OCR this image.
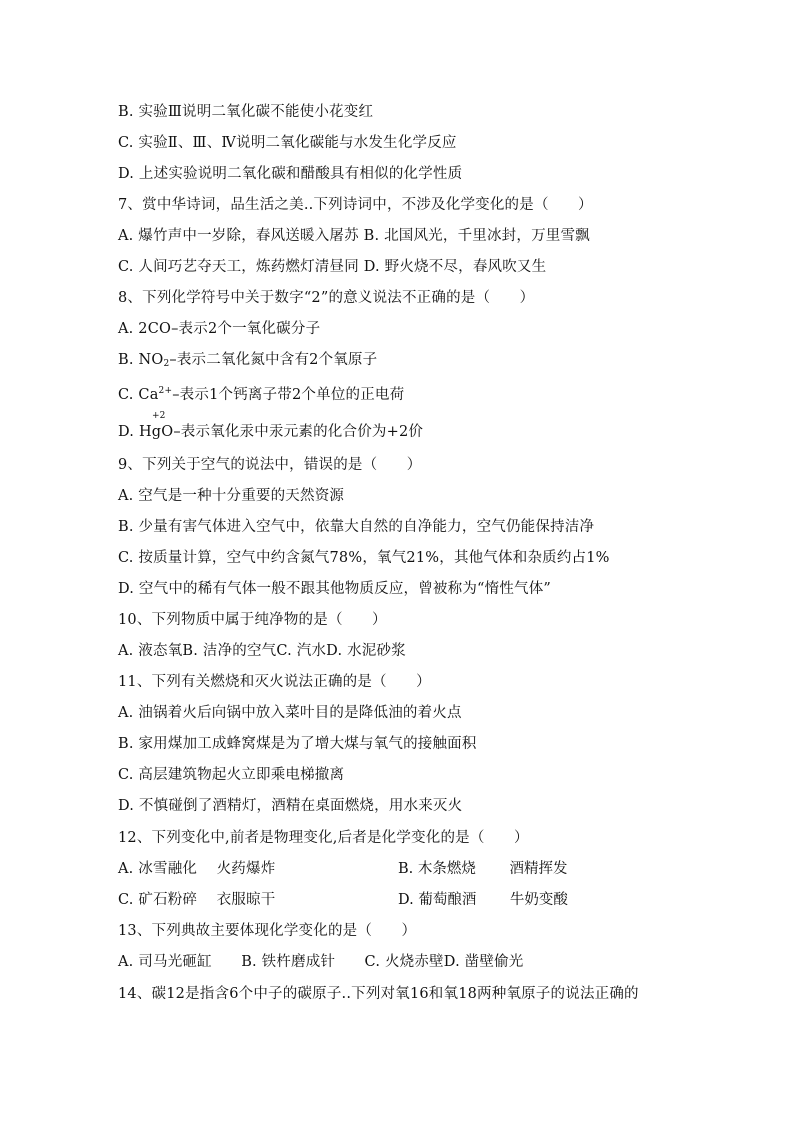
B. 实验Ⅲ说明二氧化碳不能使小花变红
C. 实验Ⅱ、Ⅲ、Ⅳ说明二氧化碳能与水发生化学反应
D. 上述实验说明二氧化碳和醋酸具有相似的化学性质
7、赏中华诗词，品生活之美..下列诗词中，不涉及化学变化的是（　　）
A. 爆竹声中一岁除，春风送暖入屠苏 B. 北国风光，千里冰封，万里雪飘
C. 人间巧艺夺天工，炼药燃灯清昼同 D. 野火烧不尽，春风吹又生
8、下列化学符号中关于数字“2”的意义说法不正确的是（　　）
A. 2CO–表示2个一氧化碳分子
B. $NO_2-$表示二氧化氮中含有2个氧原子
C. $Ca^{2+}-$表示1个钙离子带2个单位的正电荷
D.
+2
HgO–表示氧化汞中汞元素的化合价为+2价
9、下列关于空气的说法中，错误的是（　　）
A. 空气是一种十分重要的天然资源
B. 少量有害气体进入空气中，依靠大自然的自净能力，空气仍能保持洁净
C. 按质量计算，空气中约含氮气78%，氧气21%，其他气体和杂质约占1%
D. 空气中的稀有气体一般不跟其他物质反应，曾被称为“惰性气体”
10、下列物质中属于纯净物的是（　　）
A. 液态氧B. 洁净的空气C. 汽水D. 水泥砂浆
11、下列有关燃烧和灭火说法正确的是（　　）
A. 油锅着火后向锅中放入菜叶目的是降低油的着火点
B. 家用煤加工成蜂窝煤是为了增大煤与氧气的接触面积
C. 高层建筑物起火立即乘电梯撤离
D. 不慎碰倒了酒精灯，酒精在桌面燃烧，用水来灭火
12、下列变化中,前者是物理变化,后者是化学变化的是（　　）
A. 冰雪融化　 火药爆炸	B. 木条燃烧　　 酒精挥发
C. 矿石粉碎　 衣服晾干	D. 葡萄酿酒　　 牛奶变酸
13、下列典故主要体现化学变化的是（　　）
A. 司马光砸缸　　B. 铁杵磨成针　　C. 火烧赤壁D. 凿壁偷光
14、碳12是指含6个中子的碳原子..下列对氧16和氧18两种氧原子的说法正确的
